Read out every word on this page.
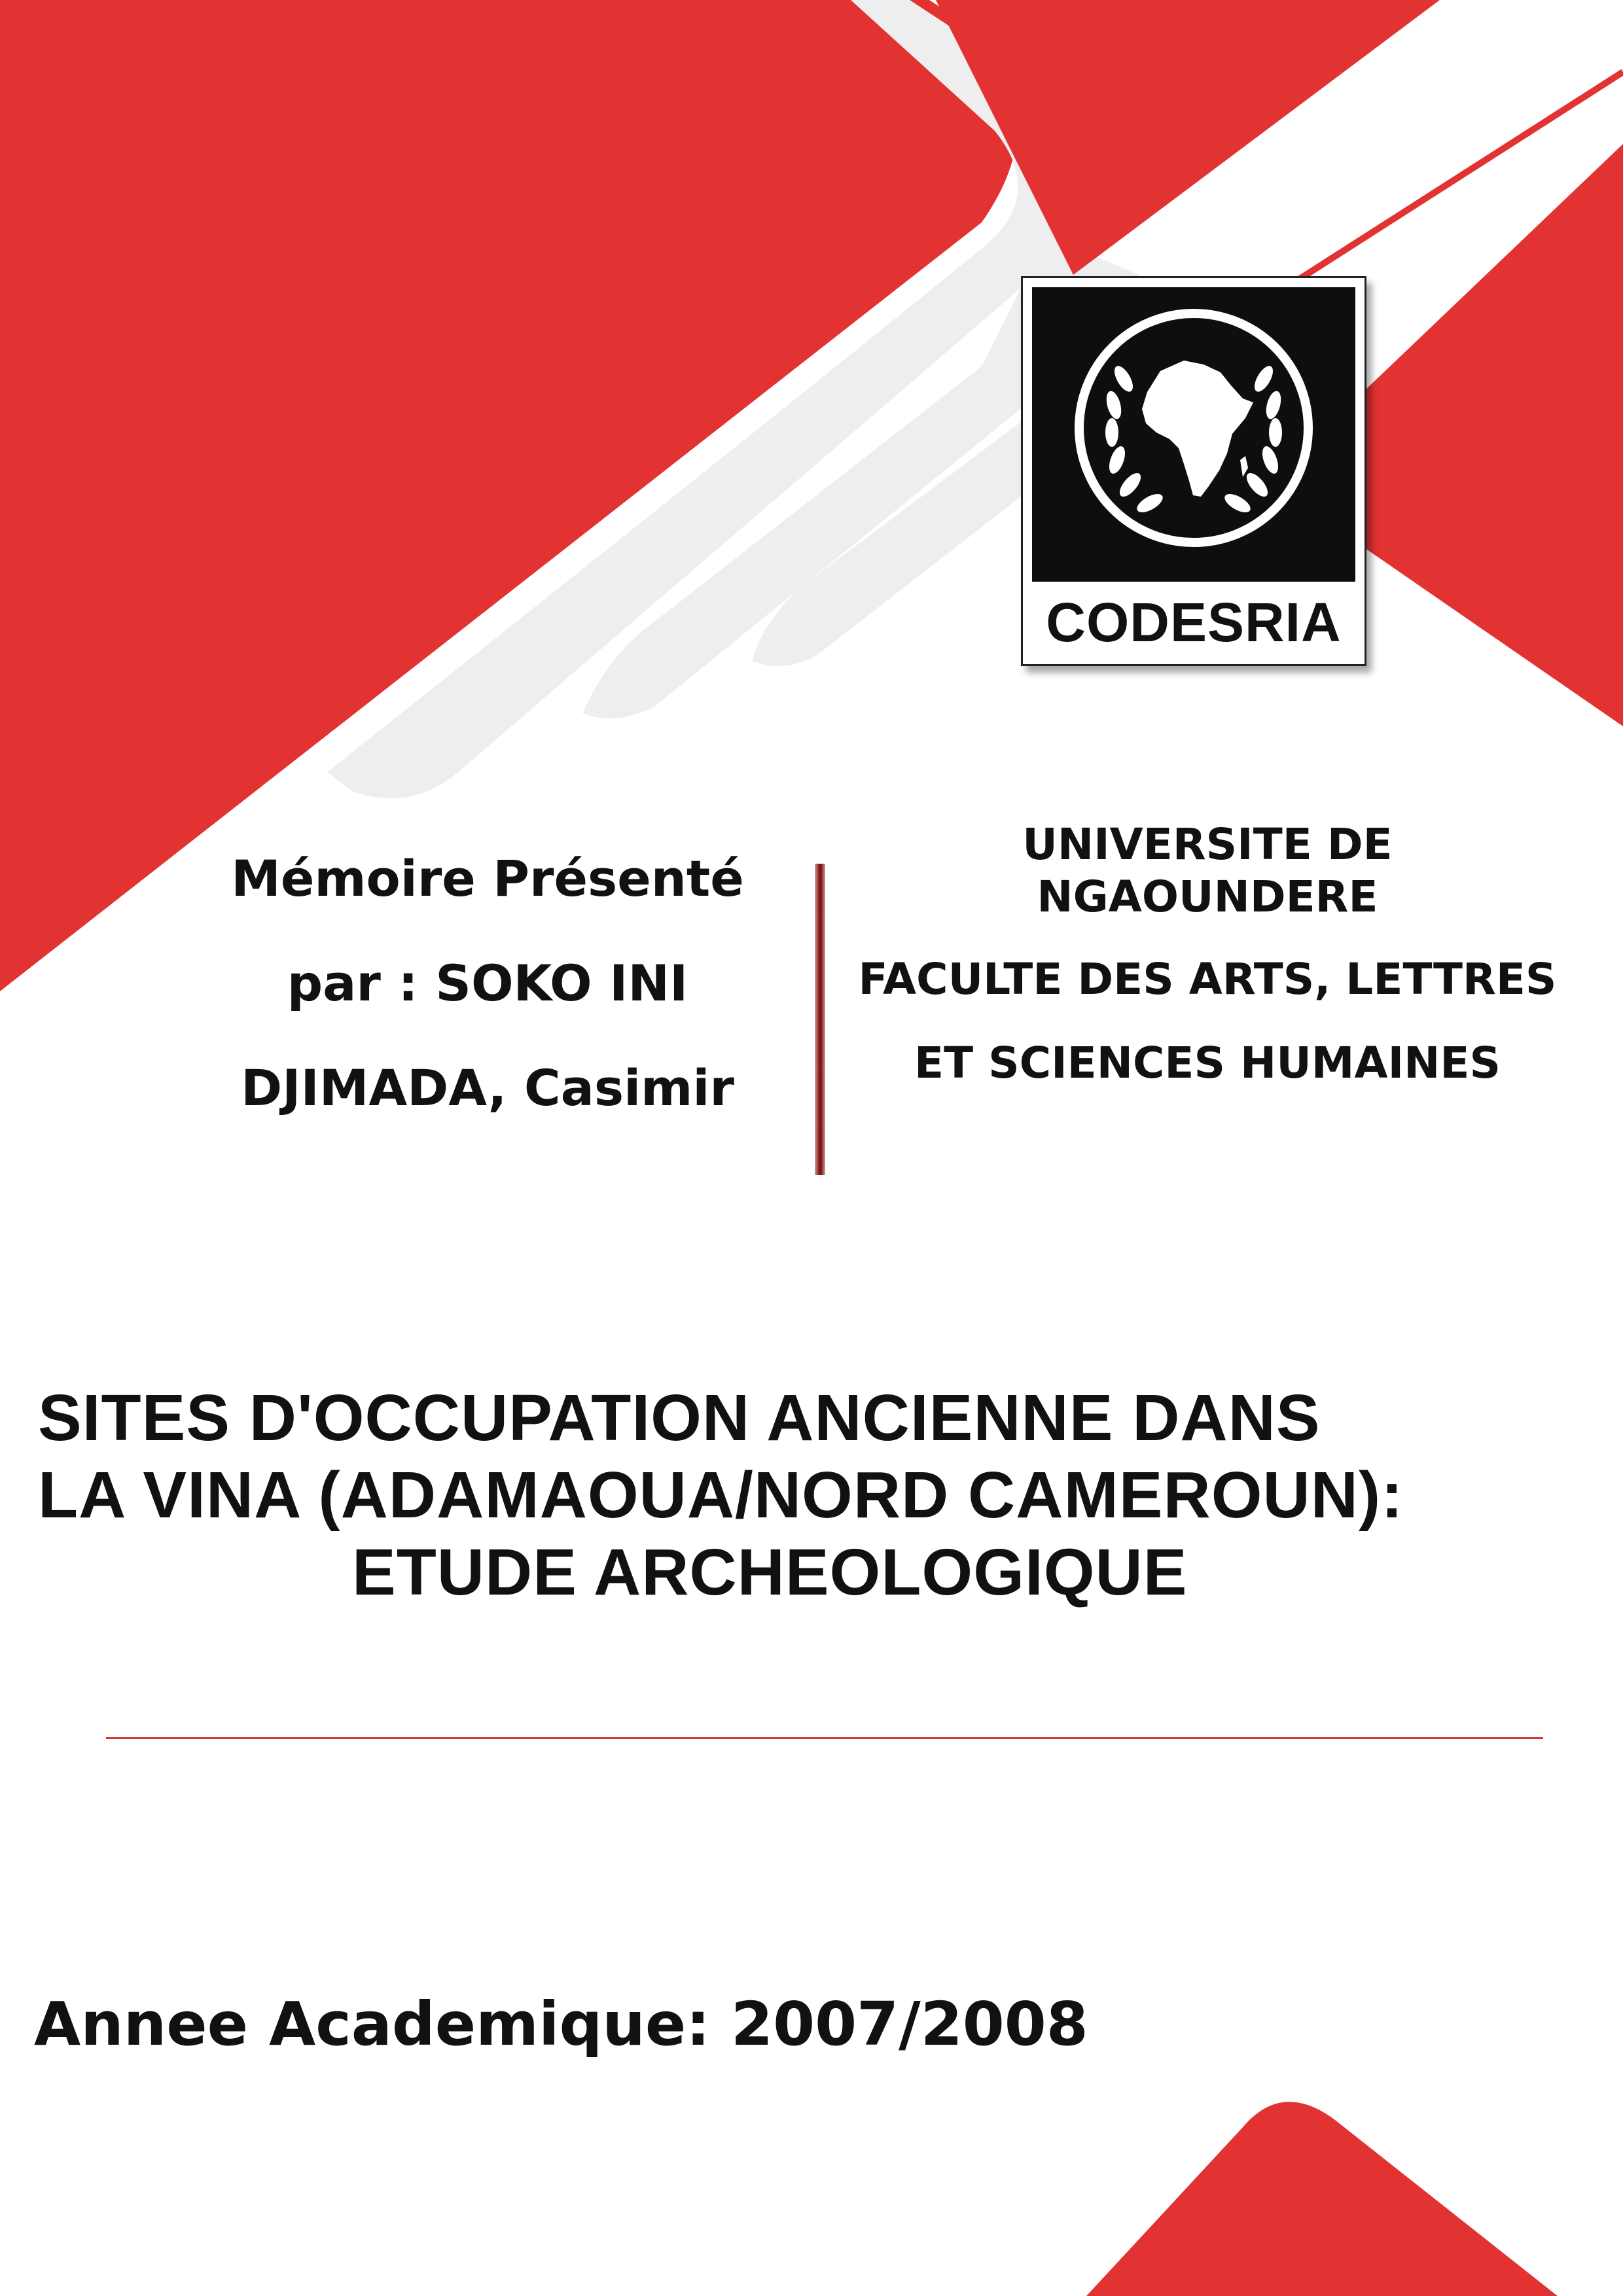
CODESRIA
Mémoire Présenté
par : SOKO INI
DJIMADA, Casimir
UNIVERSITE DE
NGAOUNDERE
FACULTE DES ARTS, LETTRES
ET SCIENCES HUMAINES
SITES D'OCCUPATION ANCIENNE DANS
LA VINA (ADAMAOUA/NORD CAMEROUN):
ETUDE ARCHEOLOGIQUE
Annee Academique: 2007/2008
